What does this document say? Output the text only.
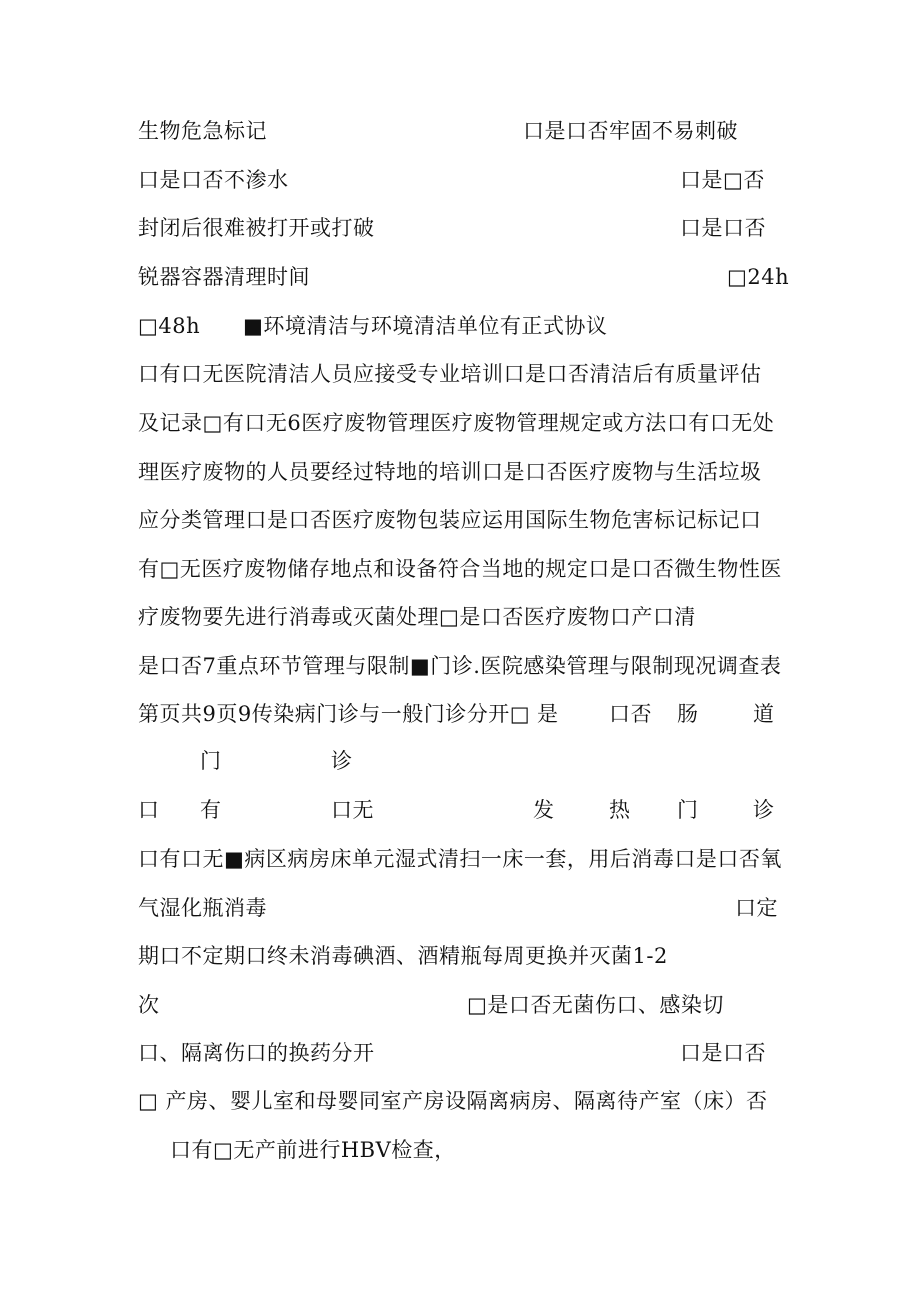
生物危急标记	口是口否牢固不易刺破
口是口否不渗水	口是□否
封闭后很难被打开或打破	口是口否
锐器容器清理时间	□24h
□48h ■环境清洁与环境清洁单位有正式协议
口有口无医院清洁人员应接受专业培训口是口否清洁后有质量评估
及记录□有口无6医疗废物管理医疗废物管理规定或方法口有口无处
理医疗废物的人员要经过特地的培训口是口否医疗废物与生活垃圾
应分类管理口是口否医疗废物包装应运用国际生物危害标记标记口
有□无医疗废物储存地点和设备符合当地的规定口是口否微生物性医
疗废物要先进行消毒或灭菌处理□是口否医疗废物口产口清
是口否7重点环节管理与限制■门诊.医院感染管理与限制现况调查表
第页共9页9传染病门诊与一般门诊分开□ 是 口否 肠	道
门	诊
口 有	口无	发	热 门	诊
口有口无■病区病房床单元湿式清扫一床一套，用后消毒口是口否氧
气湿化瓶消毒	口定
期口不定期口终未消毒碘酒、酒精瓶每周更换并灭菌1-2
次	□是口否无菌伤口、感染切
口、隔离伤口的换药分开	口是口否
□ 产房、婴儿室和母婴同室产房设隔离病房、隔离待产室（床）否
口有□无产前进行HBV检查，
